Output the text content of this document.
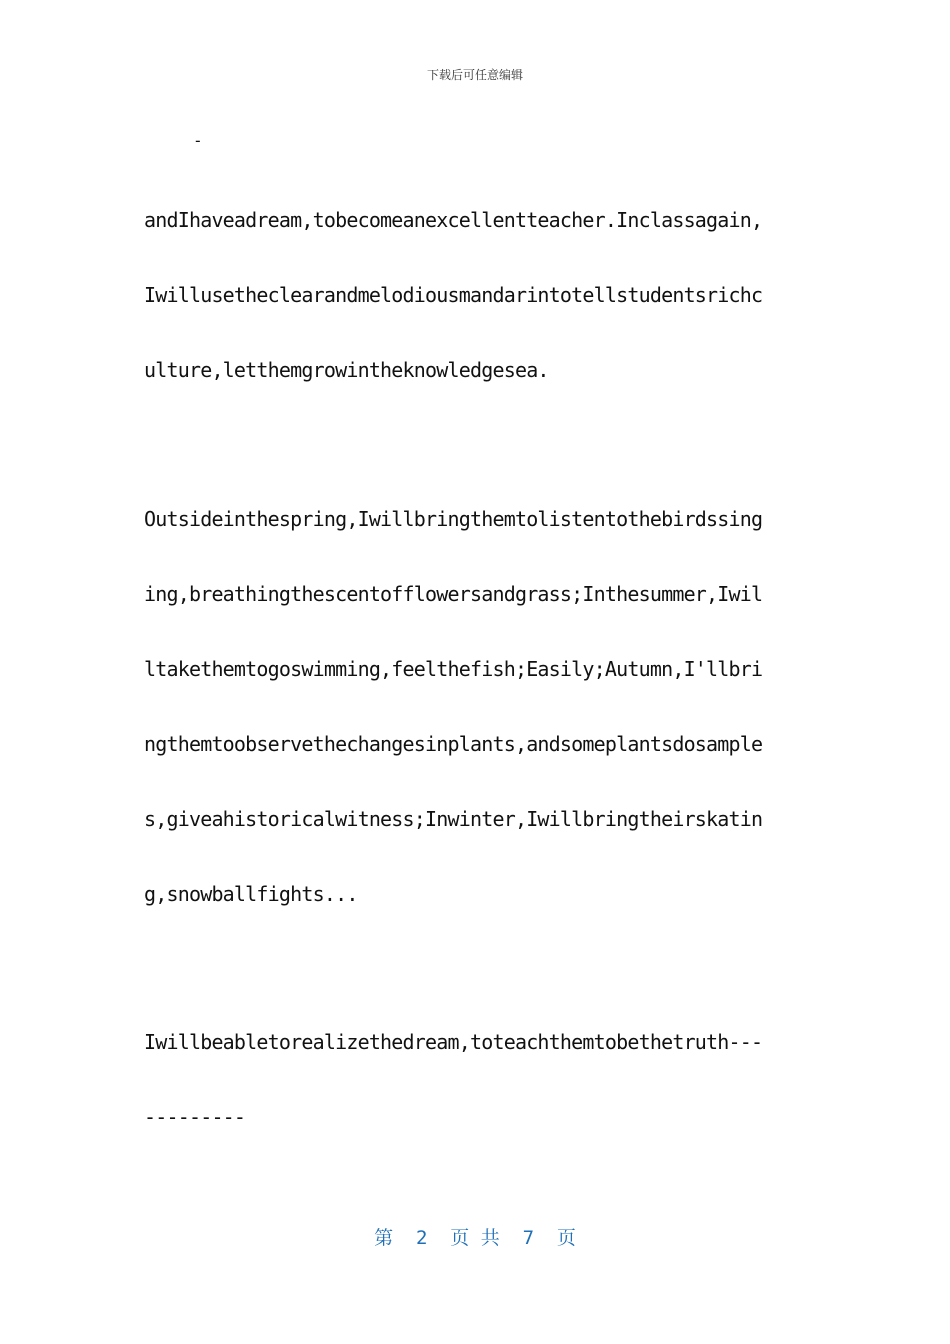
下载后可任意编辑
-
andIhaveadream,tobecomeanexcellentteacher.Inclassagain,
Iwillusetheclearandmelodiousmandarintotellstudentsrichc
ulture,letthemgrowintheknowledgesea.
Outsideinthespring,Iwillbringthemtolistentothebirdssing
ing,breathingthescentofflowersandgrass;Inthesummer,Iwil
ltakethemtogoswimming,feelthefish;Easily;Autumn,I'llbri
ngthemtoobservethechangesinplants,andsomeplantsdosample
s,giveahistoricalwitness;Inwinter,Iwillbringtheirskatin
g,snowballfights...
Iwillbeabletorealizethedream,toteachthemtobethetruth---
---------
第  2  页 共  7  页
